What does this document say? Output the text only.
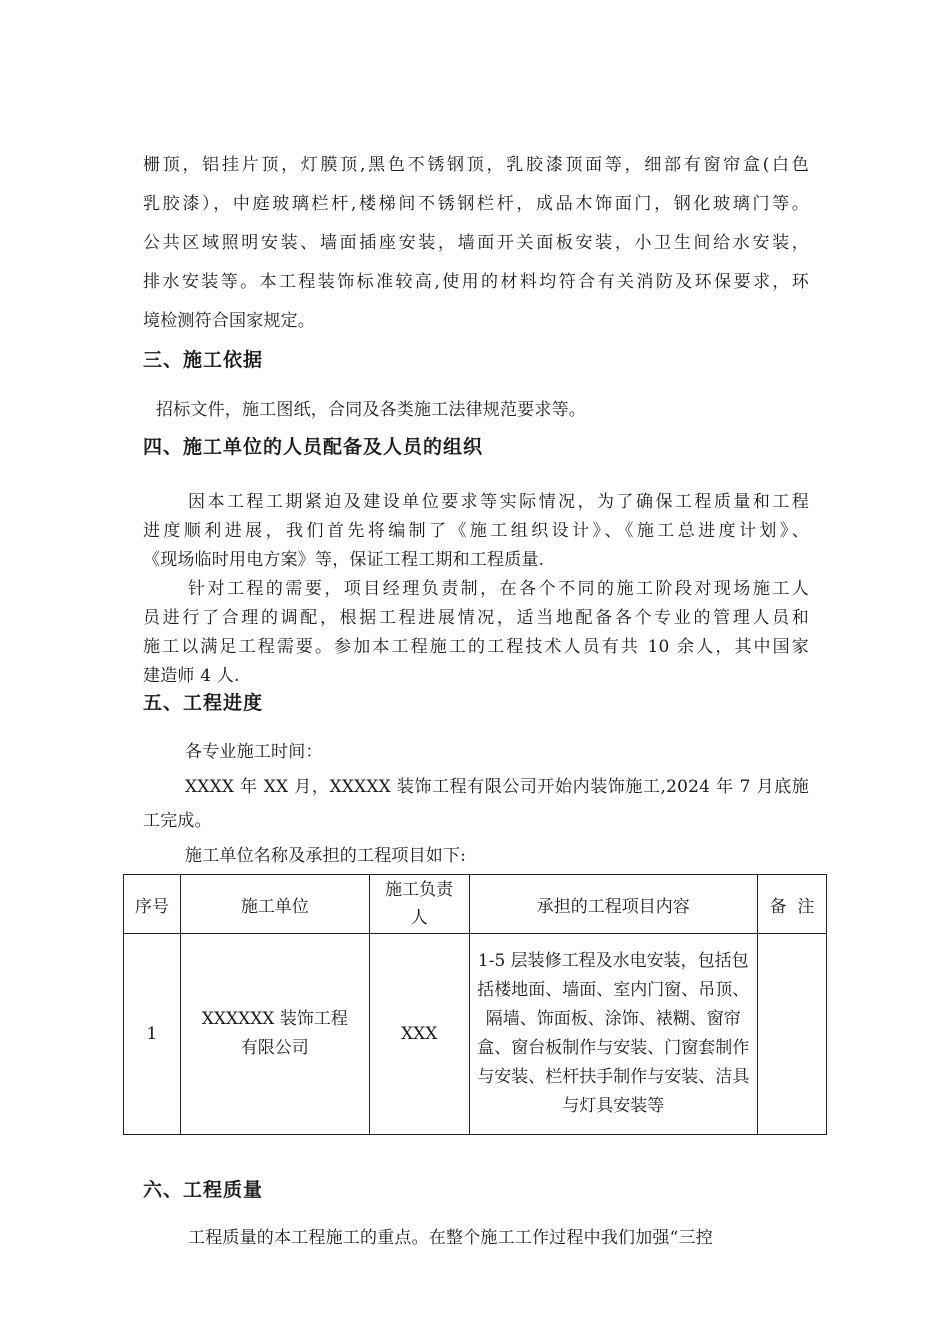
栅顶，铝挂片顶，灯膜顶,黑色不锈钢顶，乳胶漆顶面等，细部有窗帘盒(白色
乳胶漆），中庭玻璃栏杆,楼梯间不锈钢栏杆，成品木饰面门，钢化玻璃门等。
公共区域照明安装、墙面插座安装，墙面开关面板安装，小卫生间给水安装，
排水安装等。本工程装饰标准较高,使用的材料均符合有关消防及环保要求，环
境检测符合国家规定。
三、施工依据
招标文件，施工图纸，合同及各类施工法律规范要求等。
四、施工单位的人员配备及人员的组织
因本工程工期紧迫及建设单位要求等实际情况，为了确保工程质量和工程
进度顺利进展，我们首先将编制了《施工组织设计》、《施工总进度计划》、
《现场临时用电方案》等，保证工程工期和工程质量.
针对工程的需要，项目经理负责制，在各个不同的施工阶段对现场施工人
员进行了合理的调配，根据工程进展情况，适当地配备各个专业的管理人员和
施工以满足工程需要。参加本工程施工的工程技术人员有共 10 余人，其中国家
建造师 4 人.
五、工程进度
各专业施工时间：
XXXX 年 XX 月，XXXXX 装饰工程有限公司开始内装饰施工,2024 年 7 月底施
工完成。
施工单位名称及承担的工程项目如下:
六、工程质量
工程质量的本工程施工的重点。在整个施工工作过程中我们加强“三控
序号	施工单位	施工负责人	承担的工程项目内容	备  注
1	XXXXXX 装饰工程有限公司	XXX	1-5 层装修工程及水电安装，包括包括楼地面、墙面、室内门窗、吊顶、隔墙、饰面板、涂饰、裱糊、窗帘盒、窗台板制作与安装、门窗套制作与安装、栏杆扶手制作与安装、洁具与灯具安装等	
